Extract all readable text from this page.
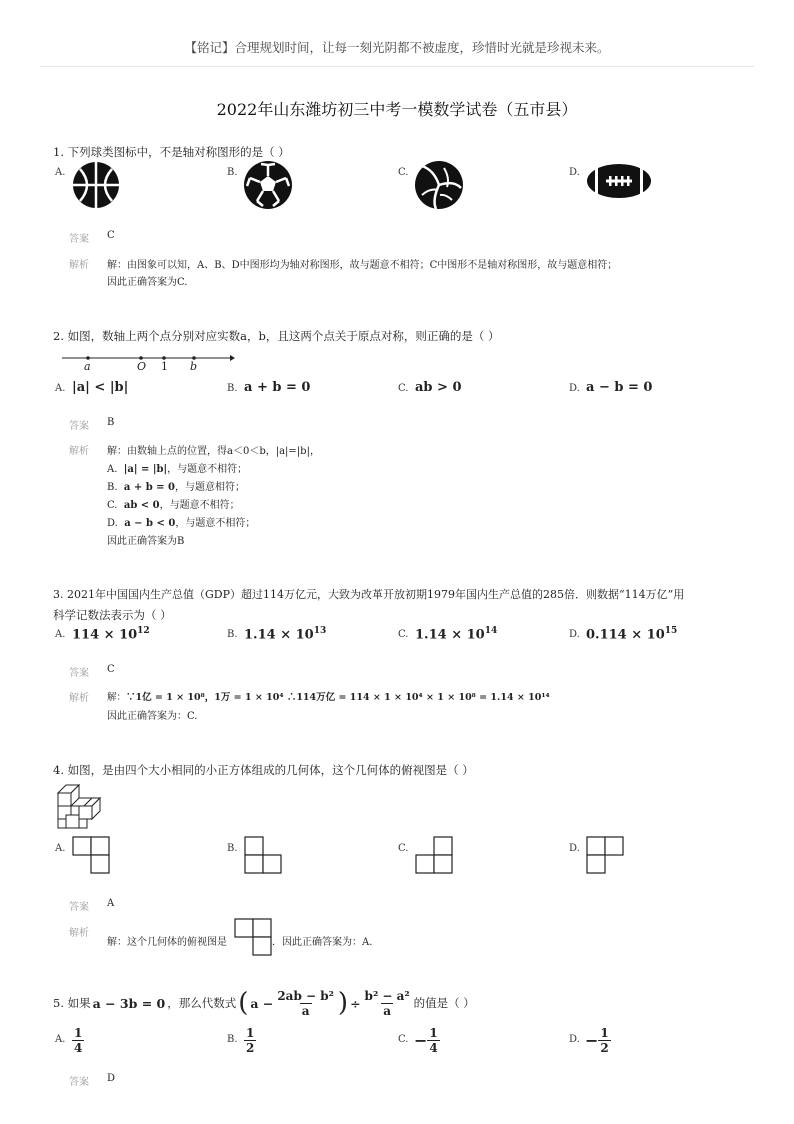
【铭记】合理规划时间，让每一刻光阴都不被虚度，珍惜时光就是珍视未来。
2022年山东潍坊初三中考一模数学试卷（五市县）
1. 下列球类图标中，不是轴对称图形的是（ ）
A.	B.	C.	D.
答案 C
解析 解：由图象可以知，A、B、D中图形均为轴对称图形，故与题意不相符；C中图形不是轴对称图形，故与题意相符；
因此正确答案为C.
2. 如图，数轴上两个点分别对应实数a，b，且这两个点关于原点对称，则正确的是（ ）
a	O 1 b
A. |a| < |b|	B. a + b = 0	C. ab > 0	D. a − b = 0
答案 B
解析 解：由数轴上点的位置，得a＜0＜b，|a|=|b|，
A. |a| = |b|，与题意不相符；
B. a + b = 0，与题意相符；
C. ab < 0，与题意不相符；
D. a − b < 0，与题意不相符；
因此正确答案为B
3. 2021年中国国内生产总值（GDP）超过114万亿元，大致为改革开放初期1979年国内生产总值的285倍．则数据“114万亿”用
科学记数法表示为（ ）
A. $114 \times 10^{12}$	B. $1.14 \times 10^{13}$	C. $1.14 \times 10^{14}$	D. $0.114 \times 10^{15}$
答案 C
解析 解：∵1亿 = 1 × 10⁸，1万 = 1 × 10⁴ ∴114万亿 = 114 × 1 × 10⁴ × 1 × 10⁸ = 1.14 × 10¹⁴
因此正确答案为：C.
4. 如图，是由四个大小相同的小正方体组成的几何体，这个几何体的俯视图是（ ）
A.	B.	C.	D.
答案 A
解析
解：这个几何体的俯视图是	．因此正确答案为：A.
5. 如果 a − 3b = 0 ，那么代数式 ( $a - \frac{\text{2ab − b²}}{a}$ ) ÷ $\frac{\text{b² − a²}}{a}$ 的值是（ ）
A. $\frac{1}{4}$	B. $\frac{1}{2}$	C. − $\frac{1}{4}$	D. − $\frac{1}{2}$
答案 D
